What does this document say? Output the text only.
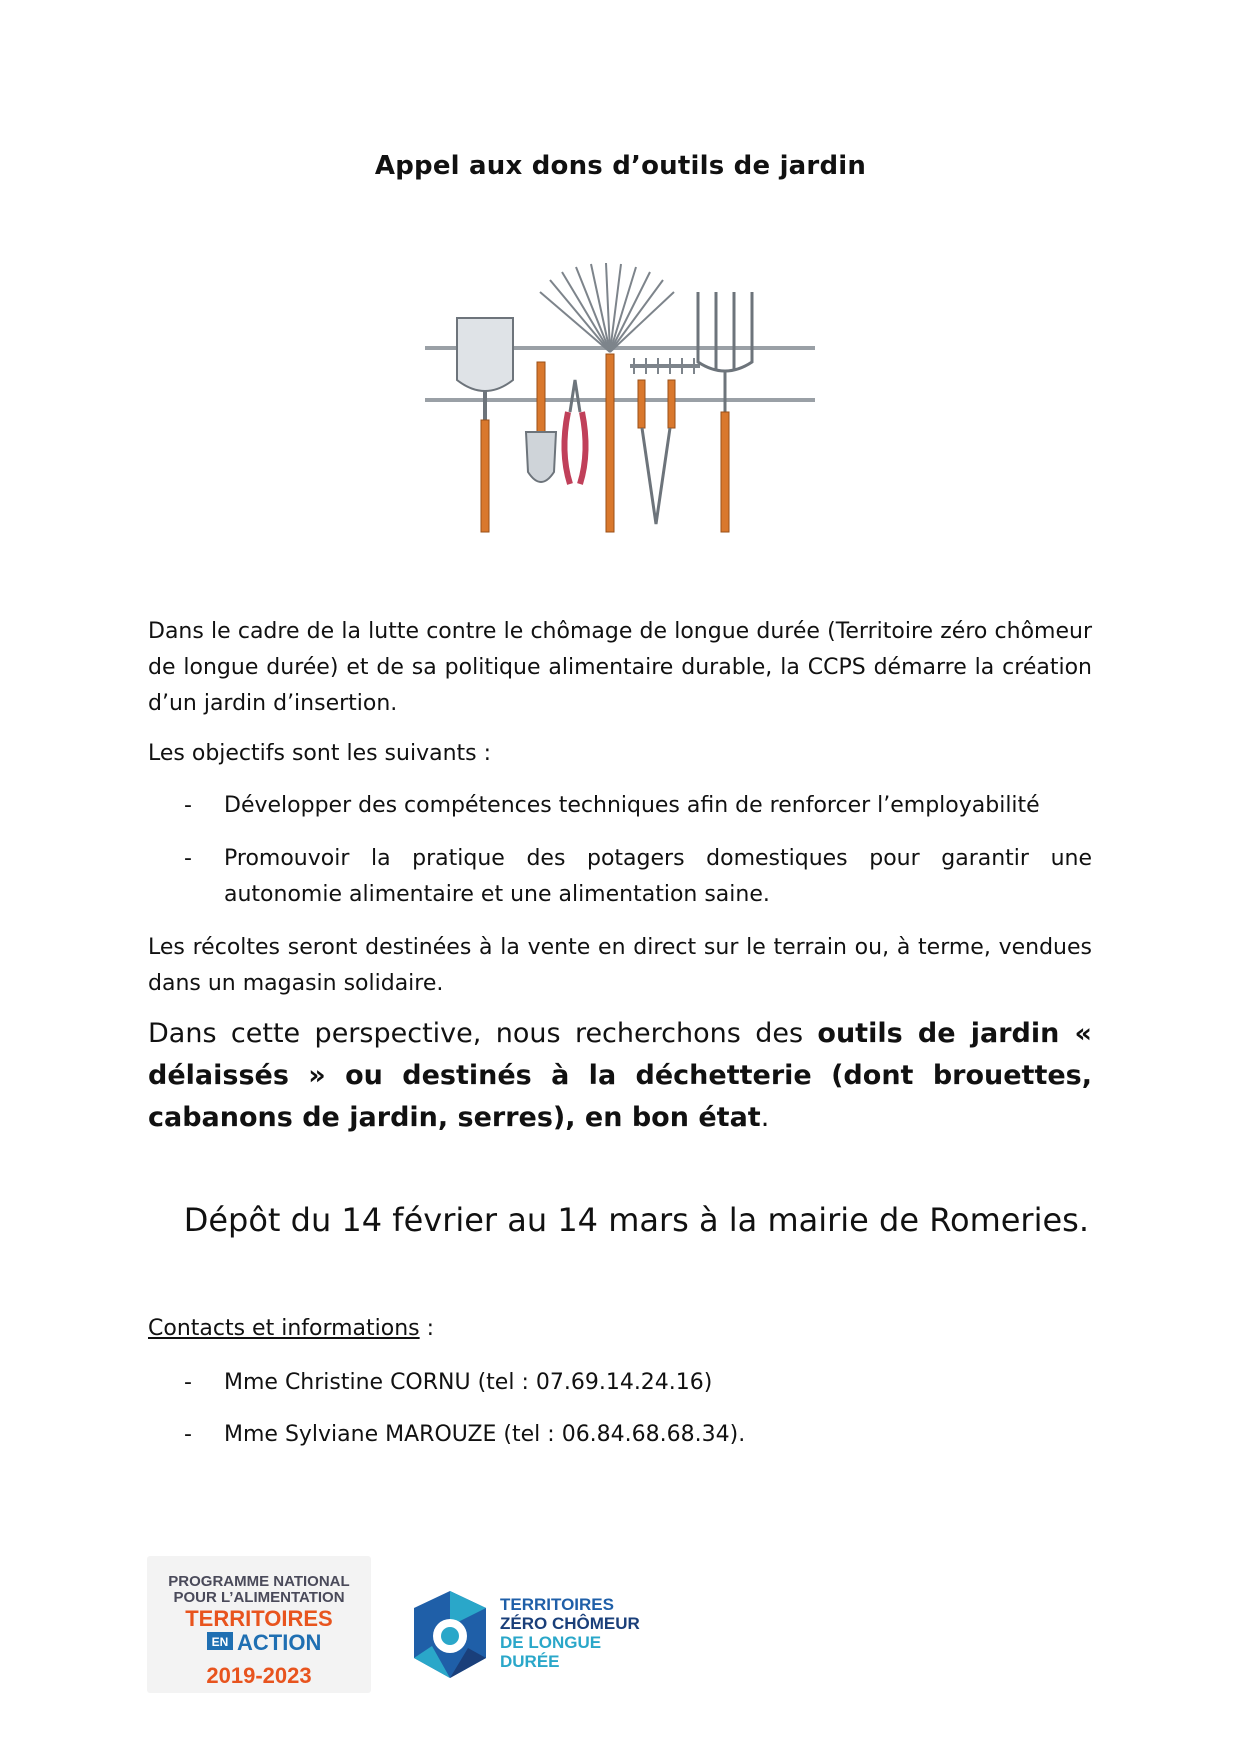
Appel aux dons d’outils de jardin
Dans le cadre de la lutte contre le chômage de longue durée (Territoire zéro chômeur de longue durée) et de sa politique alimentaire durable, la CCPS démarre la création d’un jardin d’insertion.
Les objectifs sont les suivants :
-	Développer des compétences techniques afin de renforcer l’employabilité
-	Promouvoir la pratique des potagers domestiques pour garantir une autonomie alimentaire et une alimentation saine.
Les récoltes seront destinées à la vente en direct sur le terrain ou, à terme, vendues dans un magasin solidaire.
Dans cette perspective, nous recherchons des outils de jardin « délaissés » ou destinés à la déchetterie (dont brouettes, cabanons de jardin, serres), en bon état.
Dépôt du 14 février au 14 mars à la mairie de Romeries.
Contacts et informations :
-	Mme Christine CORNU (tel : 07.69.14.24.16)
-	Mme Sylviane MAROUZE (tel : 06.84.68.68.34).
PROGRAMME NATIONAL
POUR L’ALIMENTATION
TERRITOIRES
EN ACTION
2019-2023
TERRITOIRES
ZÉRO CHÔMEUR
DE LONGUE
DURÉE
